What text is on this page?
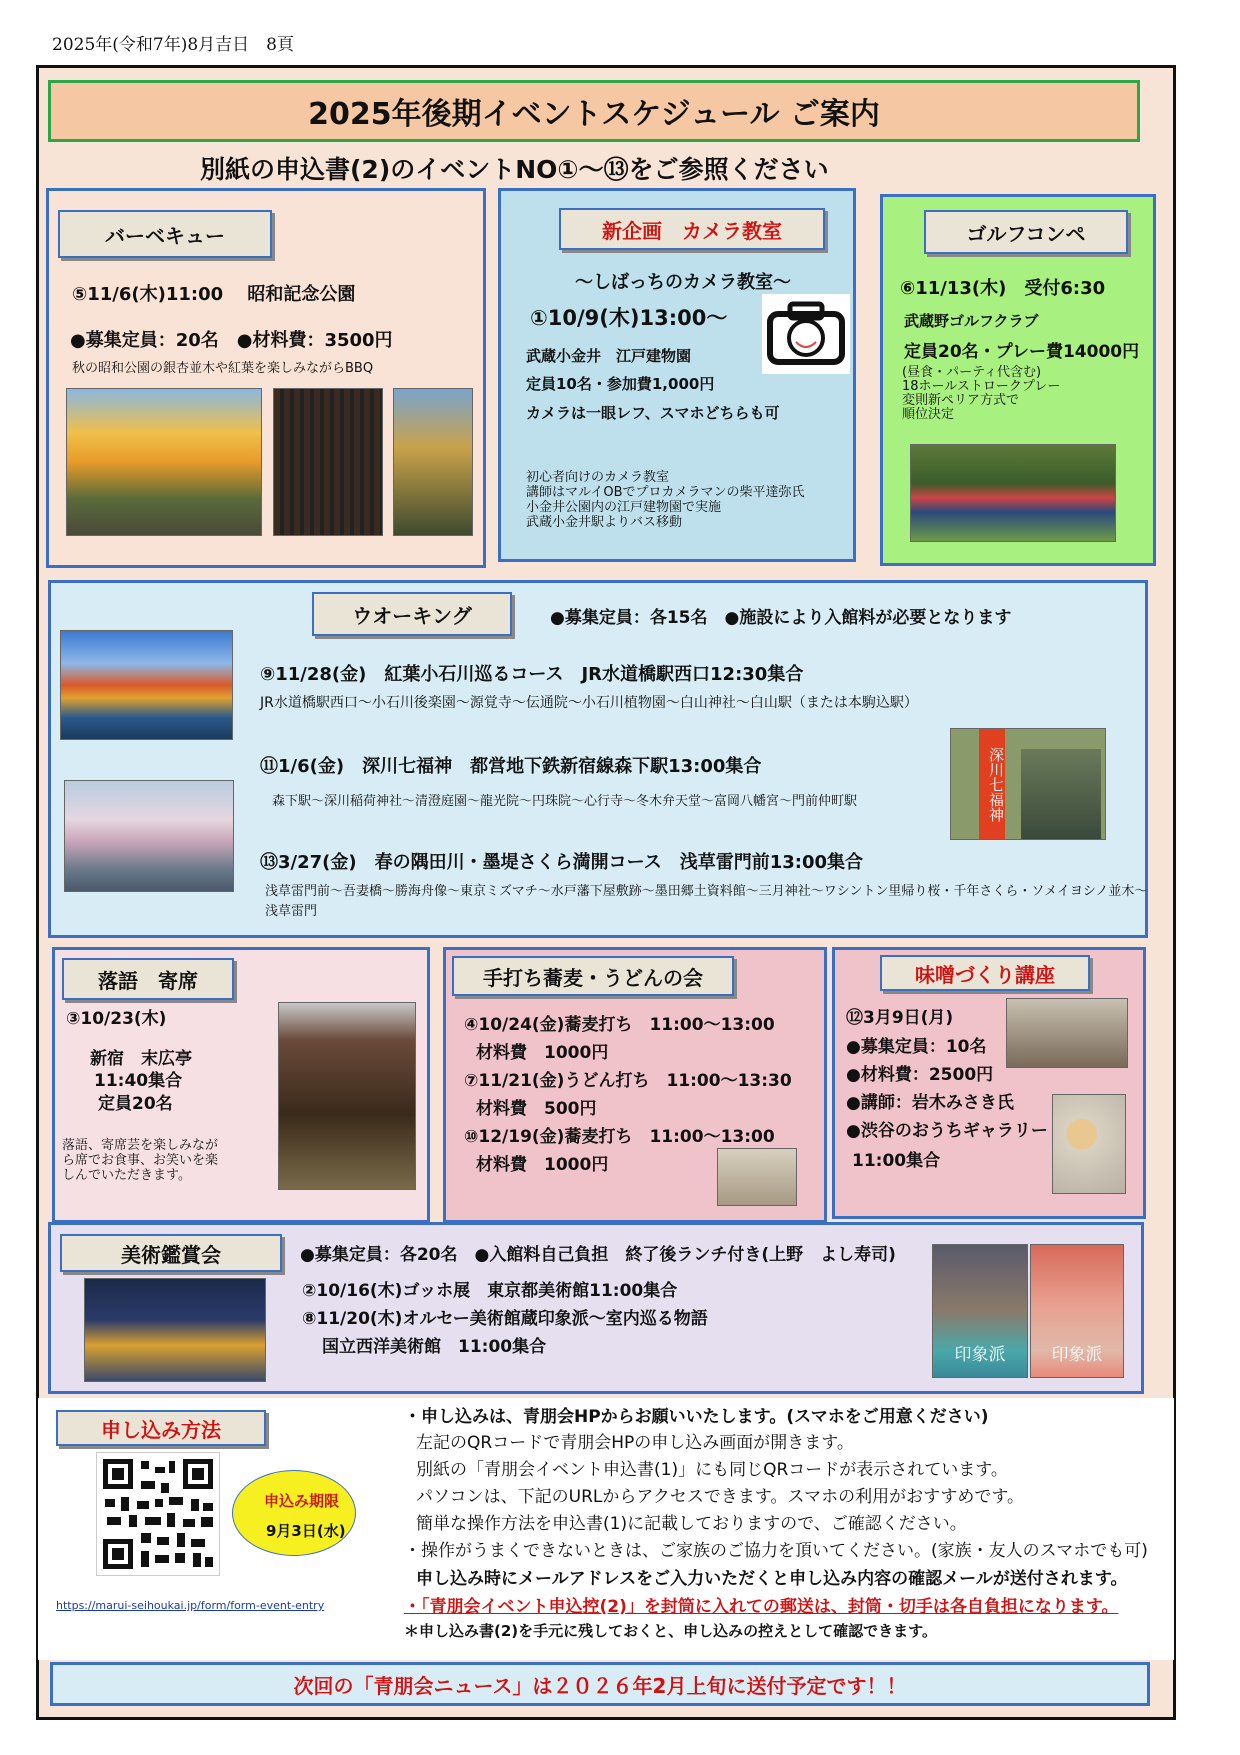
2025年(令和7年)8月吉日　8頁
2025年後期イベントスケジュール ご案内
別紙の申込書(2)のイベントNO①～⑬をご参照ください
バーベキュー
⑤11/6(木)11:00　 昭和記念公園
●募集定員：20名　●材料費：3500円
秋の昭和公園の銀杏並木や紅葉を楽しみながらBBQ
新企画　カメラ教室
～しばっちのカメラ教室～
①10/9(木)13:00～
武蔵小金井　江戸建物園
定員10名・参加費1,000円
カメラは一眼レフ、スマホどちらも可
初心者向けのカメラ教室
講師はマルイOBでプロカメラマンの柴平達弥氏
小金井公園内の江戸建物園で実施
武蔵小金井駅よりバス移動
ゴルフコンペ
⑥11/13(木)　受付6:30
武蔵野ゴルフクラブ
定員20名・プレー費14000円
(昼食・パーティ代含む)
18ホールストロークプレー
変則新ペリア方式で
順位決定
ウオーキング	●募集定員：各15名　●施設により入館料が必要となります
⑨11/28(金)　紅葉小石川巡るコース　JR水道橋駅西口12:30集合
JR水道橋駅西口～小石川後楽園～源覚寺～伝通院～小石川植物園～白山神社～白山駅（または本駒込駅）
⑪1/6(金)　深川七福神　都営地下鉄新宿線森下駅13:00集合
森下駅～深川稲荷神社～清澄庭園～龍光院～円珠院～心行寺～冬木弁天堂～富岡八幡宮～門前仲町駅	深川七福神
⑬3/27(金)　春の隅田川・墨堤さくら満開コース　浅草雷門前13:00集合
浅草雷門前～吾妻橋～勝海舟像～東京ミズマチ～水戸藩下屋敷跡～墨田郷土資料館～三月神社～ワシントン里帰り桜・千年さくら・ソメイヨシノ並木～
浅草雷門
落語　寄席
③10/23(木)
新宿　末広亭
11:40集合
定員20名
落語、寄席芸を楽しみなが
ら席でお食事、お笑いを楽
しんでいただきます。
手打ち蕎麦・うどんの会
④10/24(金)蕎麦打ち　11:00～13:00
材料費　1000円
⑦11/21(金)うどん打ち　11:00～13:30
材料費　500円
⑩12/19(金)蕎麦打ち　11:00～13:00
材料費　1000円
味噌づくり講座
⑫3月9日(月)
●募集定員：10名
●材料費：2500円
●講師：岩木みさき氏
●渋谷のおうちギャラリー
11:00集合
美術鑑賞会	●募集定員：各20名　●入館料自己負担　終了後ランチ付き(上野　よし寿司)
②10/16(木)ゴッホ展　東京都美術館11:00集合
⑧11/20(木)オルセー美術館蔵印象派～室内巡る物語
国立西洋美術館　11:00集合	印象派	印象派
申し込み方法
申込み期限
9月3日(水)
https://marui-seihoukai.jp/form/form-event-entry
・申し込みは、青朋会HPからお願いいたします。(スマホをご用意ください)
左記のQRコードで青朋会HPの申し込み画面が開きます。
別紙の「青朋会イベント申込書(1)」にも同じQRコードが表示されています。
パソコンは、下記のURLからアクセスできます。スマホの利用がおすすめです。
簡単な操作方法を申込書(1)に記載しておりますので、ご確認ください。
・操作がうまくできないときは、ご家族のご協力を頂いてください。(家族・友人のスマホでも可)
申し込み時にメールアドレスをご入力いただくと申し込み内容の確認メールが送付されます。
・「青朋会イベント申込控(2)」を封筒に入れての郵送は、封筒・切手は各自負担になります。
＊申し込み書(2)を手元に残しておくと、申し込みの控えとして確認できます。
次回の「青朋会ニュース」は２０２６年2月上旬に送付予定です！！
